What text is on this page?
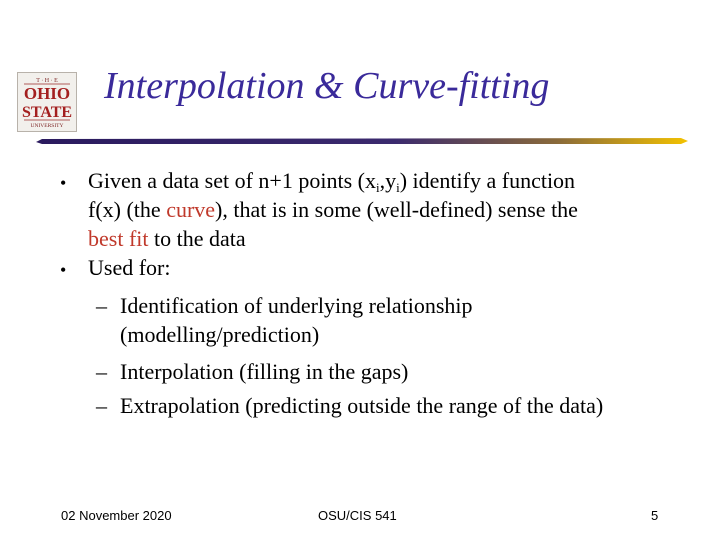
T · H · E
OHIO
STATE
UNIVERSITY
Interpolation & Curve-fitting
• Given a data set of n+1 points $(x_i,y_i)$ identify a function
f(x) (the curve), that is in some (well-defined) sense the
best fit to the data
• Used for:
– Identification of underlying relationship
(modelling/prediction)
– Interpolation (filling in the gaps)
– Extrapolation (predicting outside the range of the data)
02 November 2020	OSU/CIS 541	5
